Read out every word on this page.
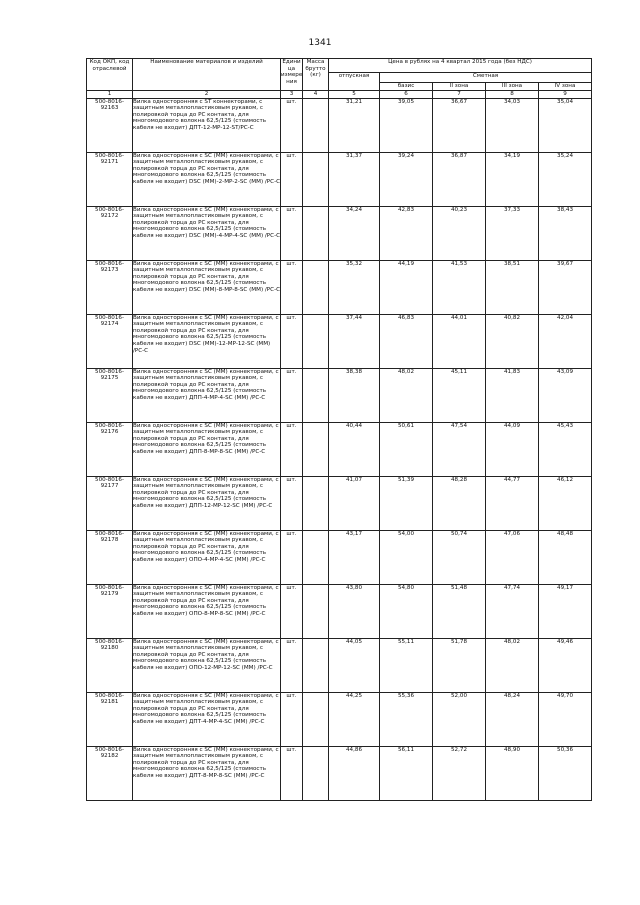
1341
Код ОКП, код отраслевой	Наименование материалов и изделий	Едини ца измере ния	Масса брутто (кг)	Цена в рублях на 4 квартал 2015 года (без НДС)				
				отпускная	Сметная			
					базис	II зона	III зона	IV зона
1	2	3	4	5	6	7	8	9
500-8016-92163	Вилка односторонняя с ST коннекторами, с защитным металлопластиковым рукавом, с полировкой торца до PC контакта, для многомодового волокна 62,5/125 (стоимость кабеля не входит) ДПТ-12-МР-12-ST/PC-C	шт.		31,21	39,05	36,67	34,03	35,04
500-8016-92171	Вилка односторонняя с SC (MM) коннекторами, с защитным металлопластиковым рукавом, с полировкой торца до PC контакта, для многомодового волокна 62,5/125 (стоимость кабеля не входит) DSC (MM)-2-MP-2-SC (MM) /PC-C	шт.		31,37	39,24	36,87	34,19	35,24
500-8016-92172	Вилка односторонняя с SC (MM) коннекторами, с защитным металлопластиковым рукавом, с полировкой торца до PC контакта, для многомодового волокна 62,5/125 (стоимость кабеля не входит) DSC (MM)-4-MP-4-SC (MM) /PC-C	шт.		34,24	42,83	40,23	37,33	38,43
500-8016-92173	Вилка односторонняя с SC (MM) коннекторами, с защитным металлопластиковым рукавом, с полировкой торца до PC контакта, для многомодового волокна 62,5/125 (стоимость кабеля не входит) DSC (MM)-8-MP-8-SC (MM) /PC-C	шт.		35,32	44,19	41,53	38,51	39,67
500-8016-92174	Вилка односторонняя с SC (MM) коннекторами, с защитным металлопластиковым рукавом, с полировкой торца до PC контакта, для многомодового волокна 62,5/125 (стоимость кабеля не входит) DSC (MM)-12-MP-12-SC (MM) /PC-C	шт.		37,44	46,83	44,01	40,82	42,04
500-8016-92175	Вилка односторонняя с SC (MM) коннекторами, с защитным металлопластиковым рукавом, с полировкой торца до PC контакта, для многомодового волокна 62,5/125 (стоимость кабеля не входит) ДПП-4-MP-4-SC (MM) /PC-C	шт.		38,38	48,02	45,11	41,83	43,09
500-8016-92176	Вилка односторонняя с SC (MM) коннекторами, с защитным металлопластиковым рукавом, с полировкой торца до PC контакта, для многомодового волокна 62,5/125 (стоимость кабеля не входит) ДПП-8-MP-8-SC (MM) /PC-C	шт.		40,44	50,61	47,54	44,09	45,43
500-8016-92177	Вилка односторонняя с SC (MM) коннекторами, с защитным металлопластиковым рукавом, с полировкой торца до PC контакта, для многомодового волокна 62,5/125 (стоимость кабеля не входит) ДПП-12-MP-12-SC (MM) /PC-C	шт.		41,07	51,39	48,28	44,77	46,12
500-8016-92178	Вилка односторонняя с SC (MM) коннекторами, с защитным металлопластиковым рукавом, с полировкой торца до PC контакта, для многомодового волокна 62,5/125 (стоимость кабеля не входит) ОПО-4-MP-4-SC (MM) /PC-C	шт.		43,17	54,00	50,74	47,06	48,48
500-8016-92179	Вилка односторонняя с SC (MM) коннекторами, с защитным металлопластиковым рукавом, с полировкой торца до PC контакта, для многомодового волокна 62,5/125 (стоимость кабеля не входит) ОПО-8-MP-8-SC (MM) /PC-C	шт.		43,80	54,80	51,48	47,74	49,17
500-8016-92180	Вилка односторонняя с SC (MM) коннекторами, с защитным металлопластиковым рукавом, с полировкой торца до PC контакта, для многомодового волокна 62,5/125 (стоимость кабеля не входит) ОПО-12-MP-12-SC (MM) /PC-C	шт.		44,05	55,11	51,78	48,02	49,46
500-8016-92181	Вилка односторонняя с SC (MM) коннекторами, с защитным металлопластиковым рукавом, с полировкой торца до PC контакта, для многомодового волокна 62,5/125 (стоимость кабеля не входит) ДПТ-4-MP-4-SC (MM) /PC-C	шт.		44,25	55,36	52,00	48,24	49,70
500-8016-92182	Вилка односторонняя с SC (MM) коннекторами, с защитным металлопластиковым рукавом, с полировкой торца до PC контакта, для многомодового волокна 62,5/125 (стоимость кабеля не входит) ДПТ-8-MP-8-SC (MM) /PC-C	шт.		44,86	56,11	52,72	48,90	50,36
